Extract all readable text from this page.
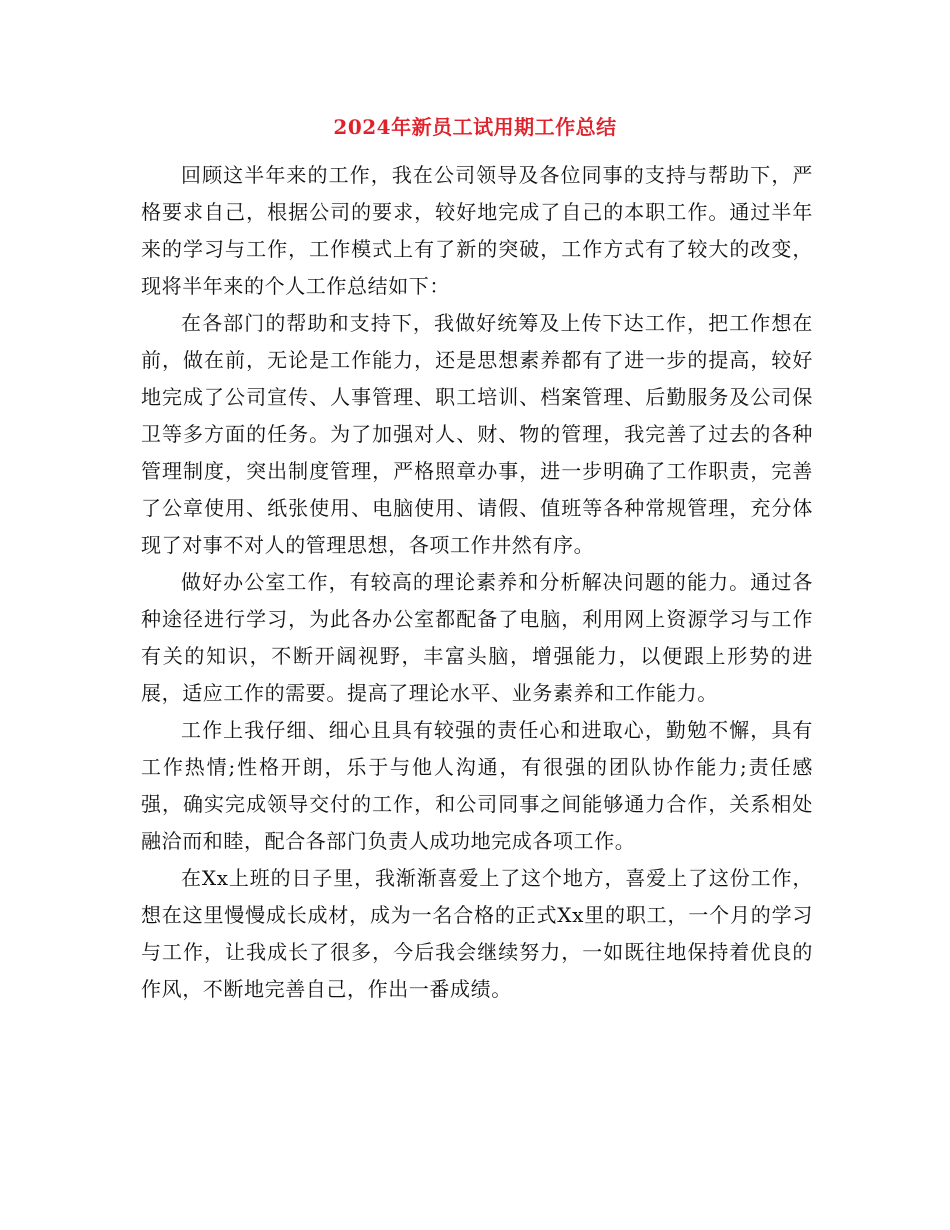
2024年新员工试用期工作总结

回顾这半年来的工作，我在公司领导及各位同事的支持与帮助下，严格要求自己，根据公司的要求，较好地完成了自己的本职工作。通过半年来的学习与工作，工作模式上有了新的突破，工作方式有了较大的改变，现将半年来的个人工作总结如下：

在各部门的帮助和支持下，我做好统筹及上传下达工作，把工作想在前，做在前，无论是工作能力，还是思想素养都有了进一步的提高，较好地完成了公司宣传、人事管理、职工培训、档案管理、后勤服务及公司保卫等多方面的任务。为了加强对人、财、物的管理，我完善了过去的各种管理制度，突出制度管理，严格照章办事，进一步明确了工作职责，完善了公章使用、纸张使用、电脑使用、请假、值班等各种常规管理，充分体现了对事不对人的管理思想，各项工作井然有序。

做好办公室工作，有较高的理论素养和分析解决问题的能力。通过各种途径进行学习，为此各办公室都配备了电脑，利用网上资源学习与工作有关的知识，不断开阔视野，丰富头脑，增强能力，以便跟上形势的进展，适应工作的需要。提高了理论水平、业务素养和工作能力。

工作上我仔细、细心且具有较强的责任心和进取心，勤勉不懈，具有工作热情;性格开朗，乐于与他人沟通，有很强的团队协作能力;责任感强，确实完成领导交付的工作，和公司同事之间能够通力合作，关系相处融洽而和睦，配合各部门负责人成功地完成各项工作。

在Xx上班的日子里，我渐渐喜爱上了这个地方，喜爱上了这份工作，想在这里慢慢成长成材，成为一名合格的正式Xx里的职工，一个月的学习与工作，让我成长了很多，今后我会继续努力，一如既往地保持着优良的作风，不断地完善自己，作出一番成绩。
